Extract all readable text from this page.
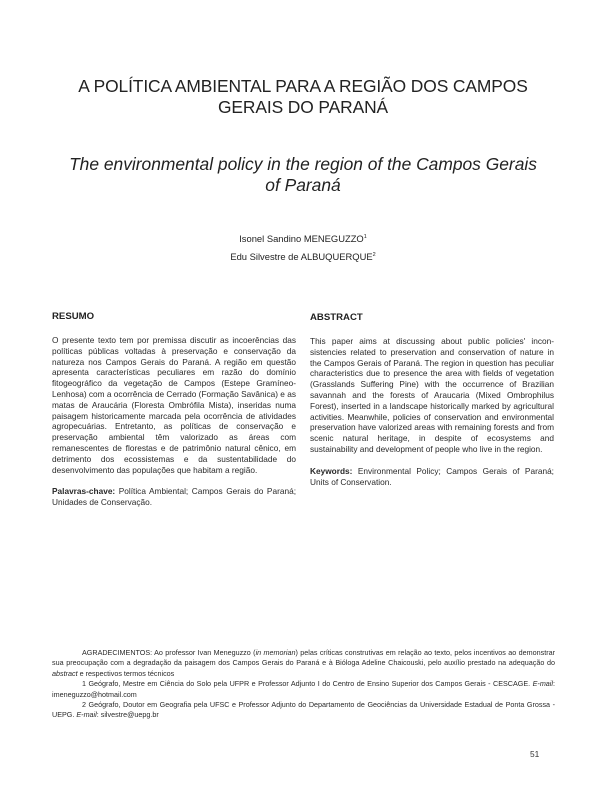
A POLÍTICA AMBIENTAL PARA A REGIÃO DOS CAMPOS
GERAIS DO PARANÁ
The environmental policy in the region of the Campos Gerais
of Paraná
Isonel Sandino MENEGUZZO$^1$
Edu Silvestre de ALBUQUERQUE$^2$
RESUMO

O presente texto tem por premissa discutir as incoerências das políticas públicas voltadas à preservação e conservação da natureza nos Campos Gerais do Paraná. A região em questão apresenta características peculiares em razão do domínio fitogeográfico da vegetação de Campos (Estepe Gramíneo-Lenhosa) com a ocorrência de Cerrado (Formação Savânica) e as matas de Araucária (Floresta Ombrófila Mista), inseridas numa paisagem historicamente marcada pela ocorrência de atividades agropecuárias. Entretanto, as políticas de conservação e preservação ambiental têm valorizado as áreas com remanescentes de florestas e de patrimônio natural cênico, em detrimento dos ecossistemas e da sustentabilidade do desenvolvimento das populações que habitam a região.

Palavras-chave: Política Ambiental; Campos Gerais do Paraná; Unidades de Conservação.

ABSTRACT

This paper aims at discussing about public policies' inconsistencies related to preservation and conservation of nature in the Campos Gerais of Paraná. The region in question has peculiar characteristics due to presence the area with fields of vegetation (Grasslands Suffering Pine) with the occurrence of Brazilian savannah and the forests of Araucaria (Mixed Ombrophilus Forest), inserted in a landscape historically marked by agricultural activities. Meanwhile, policies of conservation and environmental preservation have valorized areas with remaining forests and from scenic natural heritage, in despite of ecosystems and sustainability and development of people who live in the region.

Keywords: Environmental Policy; Campos Gerais of Paraná; Units of Conservation.

AGRADECIMENTOS: Ao professor Ivan Meneguzzo (in memorian) pelas críticas construtivas em relação ao texto, pelos incentivos ao demonstrar sua preocupação com a degradação da paisagem dos Campos Gerais do Paraná e à Bióloga Adeline Chaicouski, pelo auxílio prestado na adequação do abstract e respectivos termos técnicos

1 Geógrafo, Mestre em Ciência do Solo pela UFPR e Professor Adjunto I do Centro de Ensino Superior dos Campos Gerais - CESCAGE. E-mail: imeneguzzo@hotmail.com

2 Geógrafo, Doutor em Geografia pela UFSC e Professor Adjunto do Departamento de Geociências da Universidade Estadual de Ponta Grossa - UEPG. E-mail: silvestre@uepg.br

51
